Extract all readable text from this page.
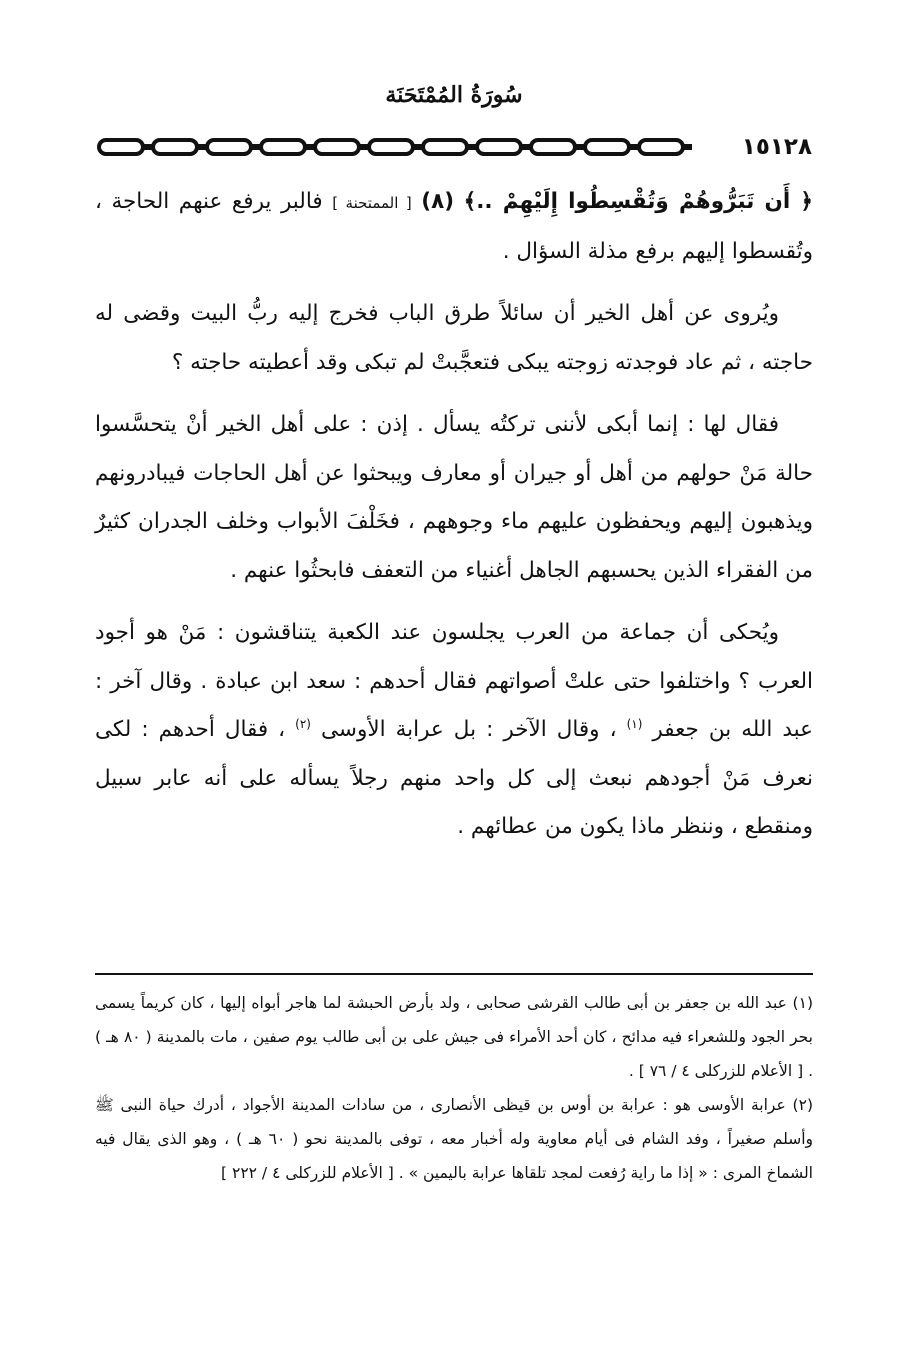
سُورَةُ المُمْتَحَنَة
١٥١٢٨

﴿ أَن تَبَرُّوهُمْ وَتُقْسِطُوا إِلَيْهِمْ ..﴾ (٨) [ الممتحنة ] فالبر يرفع عنهم الحاجة ، وتُقسطوا إليهم برفع مذلة السؤال .

ويُروى عن أهل الخير أن سائلاً طرق الباب فخرج إليه ربُّ البيت وقضى له حاجته ، ثم عاد فوجدته زوجته يبكى فتعجَّبتْ لم تبكى وقد أعطيته حاجته ؟

فقال لها : إنما أبكى لأننى تركتُه يسأل . إذن : على أهل الخير أنْ يتحسَّسوا حالة مَنْ حولهم من أهل أو جيران أو معارف ويبحثوا عن أهل الحاجات فيبادرونهم ويذهبون إليهم ويحفظون عليهم ماء وجوههم ، فخَلْفَ الأبواب وخلف الجدران كثيرٌ من الفقراء الذين يحسبهم الجاهل أغنياء من التعفف فابحثُوا عنهم .

ويُحكى أن جماعة من العرب يجلسون عند الكعبة يتناقشون : مَنْ هو أجود العرب ؟ واختلفوا حتى علتْ أصواتهم فقال أحدهم : سعد ابن عبادة . وقال آخر : عبد الله بن جعفر $^{(١)}$ ، وقال الآخر : بل عرابة الأوسى $^{(٢)}$ ، فقال أحدهم : لكى نعرف مَنْ أجودهم نبعث إلى كل واحد منهم رجلاً يسأله على أنه عابر سبيل ومنقطع ، وننظر ماذا يكون من عطائهم .

(١) عبد الله بن جعفر بن أبى طالب القرشى صحابى ، ولد بأرض الحبشة لما هاجر أبواه إليها ، كان كريماً يسمى بحر الجود وللشعراء فيه مدائح ، كان أحد الأمراء فى جيش على بن أبى طالب يوم صفين ، مات بالمدينة ( ٨٠ هـ ) . [ الأعلام للزركلى ٤ / ٧٦ ] .

(٢) عرابة الأوسى هو : عرابة بن أوس بن قيظى الأنصارى ، من سادات المدينة الأجواد ، أدرك حياة النبى ﷺ وأسلم صغيراً ، وفد الشام فى أيام معاوية وله أخبار معه ، توفى بالمدينة نحو ( ٦٠ هـ ) ، وهو الذى يقال فيه الشماخ المرى : « إذا ما راية رُفعت لمجد تلقاها عرابة باليمين » . [ الأعلام للزركلى ٤ / ٢٢٢ ]
